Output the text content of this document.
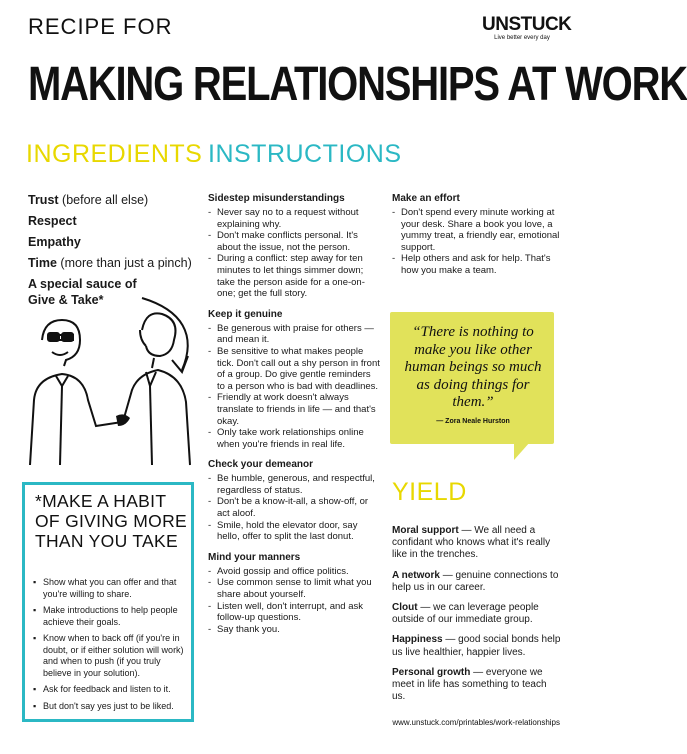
RECIPE FOR	UNSTUCK
Live better every day
MAKING RELATIONSHIPS AT WORK
INGREDIENTS INSTRUCTIONS
Trust (before all else)
Respect
Empathy
Time (more than just a pinch)
A special sauce of
Give & Take*
*MAKE A HABIT OF GIVING MORE THAN YOU TAKE
▪ Show what you can offer and that you're willing to share.
▪ Make introductions to help people achieve their goals.
▪ Know when to back off (if you're in doubt, or if either solution will work) and when to push (if you truly believe in your solution).
▪ Ask for feedback and listen to it.
▪ But don't say yes just to be liked.
Sidestep misunderstandings
- Never say no to a request without explaining why.
- Don't make conflicts personal. It's about the issue, not the person.
- During a conflict: step away for ten minutes to let things simmer down; take the person aside for a one-on-one; get the full story.
Keep it genuine
- Be generous with praise for others — and mean it.
- Be sensitive to what makes people tick. Don't call out a shy person in front of a group. Do give gentle reminders to a person who is bad with deadlines.
- Friendly at work doesn't always translate to friends in life — and that's okay.
- Only take work relationships online when you're friends in real life.
Check your demeanor
- Be humble, generous, and respectful, regardless of status.
- Don't be a know-it-all, a show-off, or act aloof.
- Smile, hold the elevator door, say hello, offer to split the last donut.
Mind your manners
- Avoid gossip and office politics.
- Use common sense to limit what you share about yourself.
- Listen well, don't interrupt, and ask follow-up questions.
- Say thank you.
Make an effort
- Don't spend every minute working at your desk. Share a book you love, a yummy treat, a friendly ear, emotional support.
- Help others and ask for help. That's how you make a team.
“There is nothing to make you like other human beings so much as doing things for them.”
— Zora Neale Hurston
YIELD
Moral support — We all need a confidant who knows what it's really like in the trenches.
A network — genuine connections to help us in our career.
Clout — we can leverage people outside of our immediate group.
Happiness — good social bonds help us live healthier, happier lives.
Personal growth — everyone we meet in life has something to teach us.
www.unstuck.com/printables/work-relationships
